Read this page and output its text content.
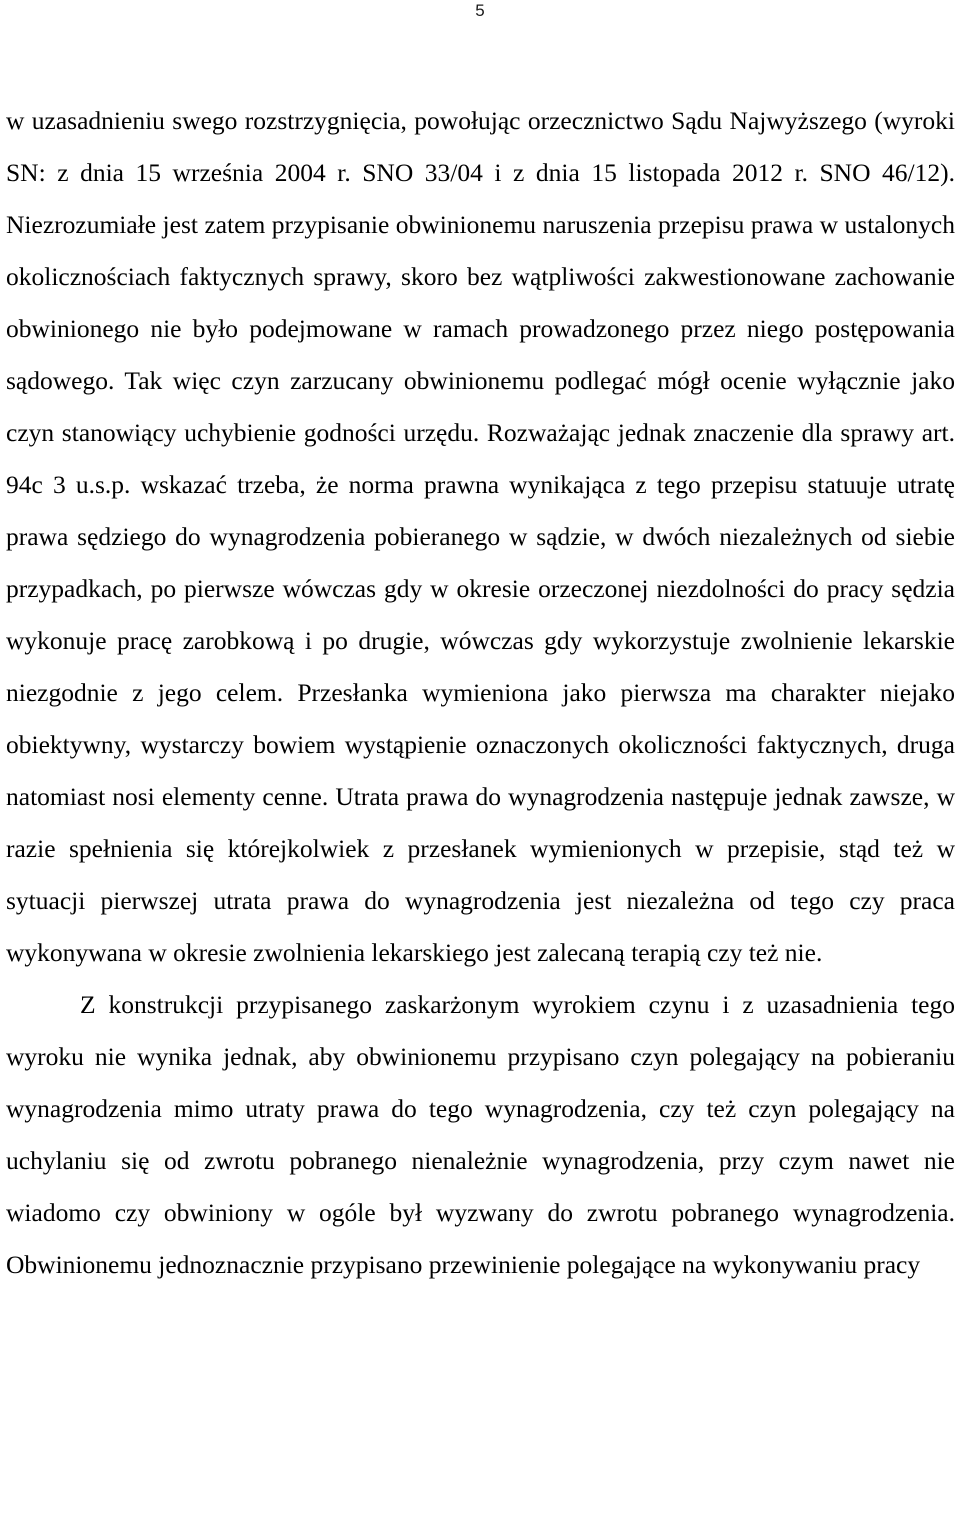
5

w uzasadnieniu swego rozstrzygnięcia, powołując orzecznictwo Sądu Najwyższego (wyroki SN: z dnia 15 września 2004 r. SNO 33/04 i z dnia 15 listopada 2012 r. SNO 46/12). Niezrozumiałe jest zatem przypisanie obwinionemu naruszenia przepisu prawa w ustalonych okolicznościach faktycznych sprawy, skoro bez wątpliwości zakwestionowane zachowanie obwinionego nie było podejmowane w ramach prowadzonego przez niego postępowania sądowego. Tak więc czyn zarzucany obwinionemu podlegać mógł ocenie wyłącznie jako czyn stanowiący uchybienie godności urzędu. Rozważając jednak znaczenie dla sprawy art. 94c 3 u.s.p. wskazać trzeba, że norma prawna wynikająca z tego przepisu statuuje utratę prawa sędziego do wynagrodzenia pobieranego w sądzie, w dwóch niezależnych od siebie przypadkach, po pierwsze wówczas gdy w okresie orzeczonej niezdolności do pracy sędzia wykonuje pracę zarobkową i po drugie, wówczas gdy wykorzystuje zwolnienie lekarskie niezgodnie z jego celem. Przesłanka wymieniona jako pierwsza ma charakter niejako obiektywny, wystarczy bowiem wystąpienie oznaczonych okoliczności faktycznych, druga natomiast nosi elementy cenne. Utrata prawa do wynagrodzenia następuje jednak zawsze, w razie spełnienia się którejkolwiek z przesłanek wymienionych w przepisie, stąd też w sytuacji pierwszej utrata prawa do wynagrodzenia jest niezależna od tego czy praca wykonywana w okresie zwolnienia lekarskiego jest zalecaną terapią czy też nie.

Z konstrukcji przypisanego zaskarżonym wyrokiem czynu i z uzasadnienia tego wyroku nie wynika jednak, aby obwinionemu przypisano czyn polegający na pobieraniu wynagrodzenia mimo utraty prawa do tego wynagrodzenia, czy też czyn polegający na uchylaniu się od zwrotu pobranego nienależnie wynagrodzenia, przy czym nawet nie wiadomo czy obwiniony w ogóle był wyzwany do zwrotu pobranego wynagrodzenia. Obwinionemu jednoznacznie przypisano przewinienie polegające na wykonywaniu pracy
